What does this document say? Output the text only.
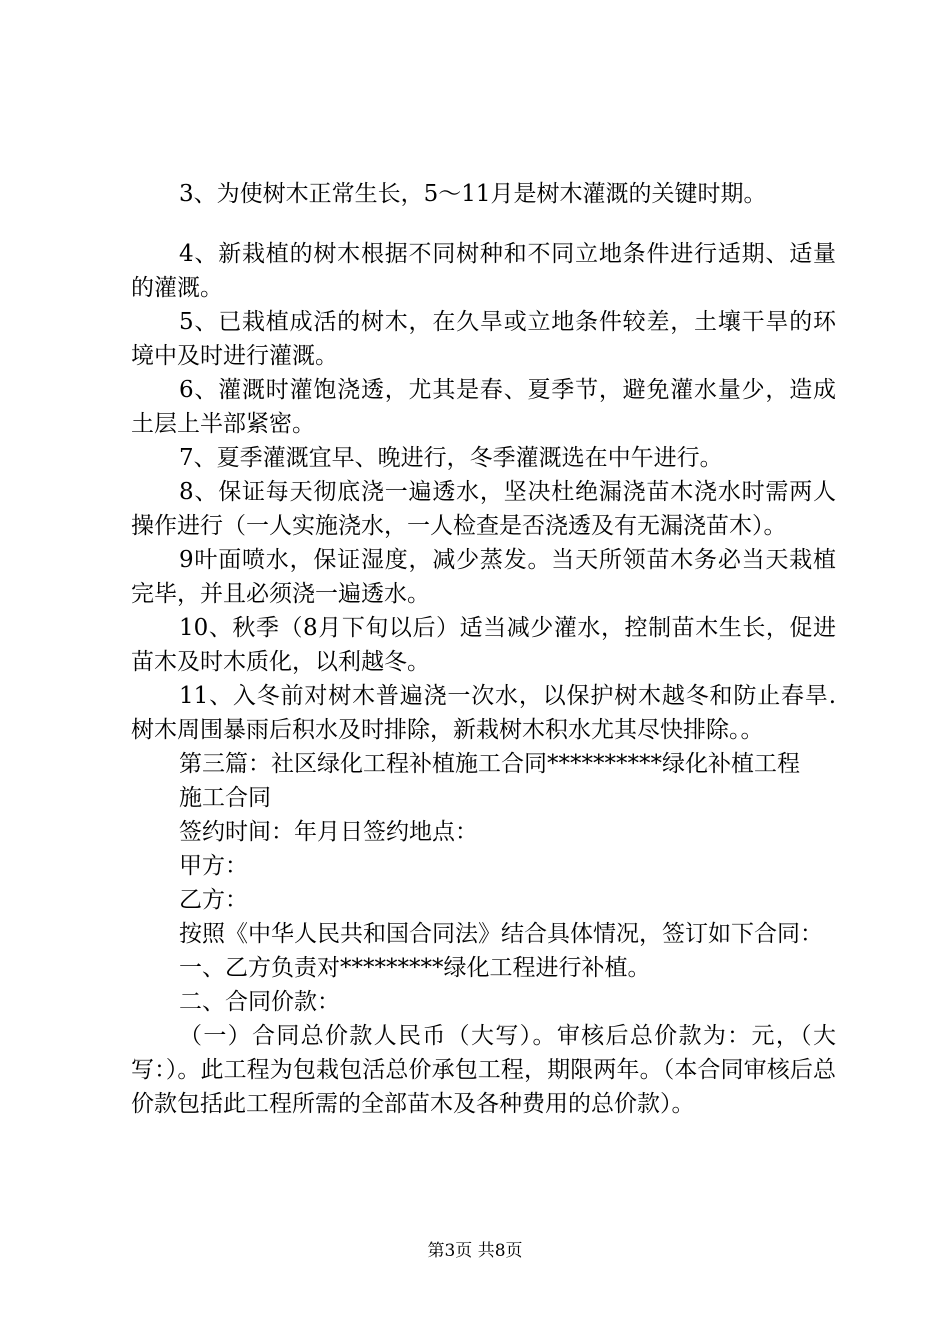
3、为使树木正常生长，5～11月是树木灌溉的关键时期。

4、新栽植的树木根据不同树种和不同立地条件进行适期、适量的灌溉。

5、已栽植成活的树木，在久旱或立地条件较差，土壤干旱的环境中及时进行灌溉。

6、灌溉时灌饱浇透，尤其是春、夏季节，避免灌水量少，造成土层上半部紧密。

7、夏季灌溉宜早、晚进行，冬季灌溉选在中午进行。

8、保证每天彻底浇一遍透水，坚决杜绝漏浇苗木浇水时需两人操作进行（一人实施浇水，一人检查是否浇透及有无漏浇苗木）。

9叶面喷水，保证湿度，减少蒸发。当天所领苗木务必当天栽植完毕，并且必须浇一遍透水。

10、秋季（8月下旬以后）适当减少灌水，控制苗木生长，促进苗木及时木质化，以利越冬。

11、入冬前对树木普遍浇一次水，以保护树木越冬和防止春旱.树木周围暴雨后积水及时排除，新栽树木积水尤其尽快排除。。

第三篇：社区绿化工程补植施工合同**********绿化补植工程

施工合同

签约时间：年月日签约地点：

甲方：

乙方：

按照《中华人民共和国合同法》结合具体情况，签订如下合同：

一、乙方负责对*********绿化工程进行补植。

二、合同价款：

（一）合同总价款人民币（大写）。审核后总价款为：元，（大写：）。此工程为包栽包活总价承包工程，期限两年。（本合同审核后总价款包括此工程所需的全部苗木及各种费用的总价款）。

第3页 共8页
